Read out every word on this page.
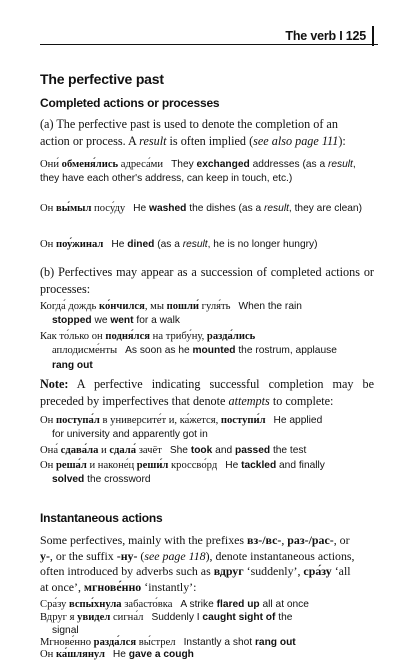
The verb I 125
The perfective past
Completed actions or processes
(a) The perfective past is used to denote the completion of an
action or process. A result is often implied (see also page 111):
Они́ обменя́лись адреса́ми They exchanged addresses (as a result, they have each other's address, can keep in touch, etc.)
Он вы́мыл посу́ду He washed the dishes (as a result, they are clean)
Он поу́жинал He dined (as a result, he is no longer hungry)
(b) Perfectives may appear as a succession of completed actions or processes:
Когда́ дождь ко́нчился, мы пошли́ гуля́ть When the rain
stopped we went for a walk
Как то́лько он подня́лся на трибу́ну, разда́лись
аплодисме́нты As soon as he mounted the rostrum, applause
rang out
Note: A perfective indicating successful completion may be preceded by imperfectives that denote attempts to complete:
Он поступа́л в университе́т и, ка́жется, поступи́л He applied
for university and apparently got in
Она́ сдава́ла и сдала́ зачёт She took and passed the test
Он реша́л и наконе́ц реши́л кроссво́рд He tackled and finally
solved the crossword
Instantaneous actions
Some perfectives, mainly with the prefixes вз-/вс-, раз-/рас-, or
у-, or the suffix -ну- (see page 118), denote instantaneous actions,
often introduced by adverbs such as вдруг ‘suddenly’, сра́зу ‘all
at once’, мгнове́нно ‘instantly’:
Сра́зу вспы́хнула забасто́вка A strike flared up all at once
Вдруг я увидел сигна́л Suddenly I caught sight of the
signal
Мгнове́нно разда́лся вы́стрел Instantly a shot rang out
Он ка́шлянул He gave a cough
